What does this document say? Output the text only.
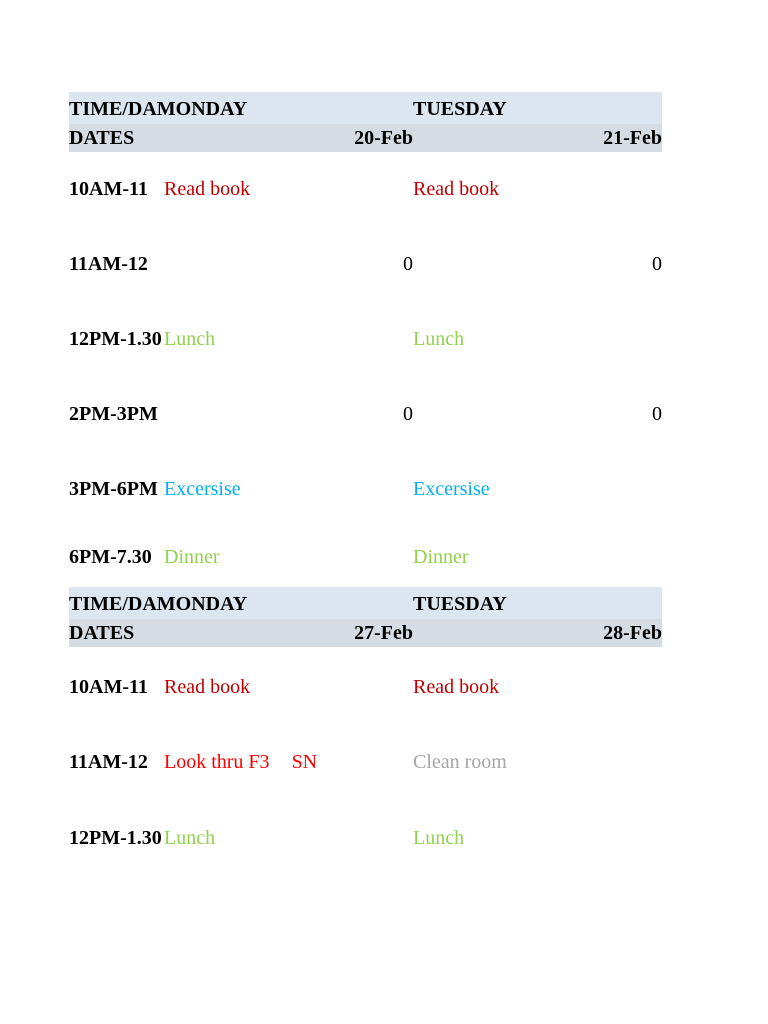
TIME/DAMONDAY	TUESDAY
DATES	20-Feb	21-Feb
10AM-11 Read book	Read book
11AM-12	0	0
12PM-1.30 Lunch	Lunch
2PM-3PM	0	0
3PM-6PM Excersise	Excersise
6PM-7.30 Dinner	Dinner
TIME/DAMONDAY	TUESDAY
DATES	27-Feb	28-Feb
10AM-11 Read book	Read book
11AM-12 Look thru F3 SN	Clean room
12PM-1.30 Lunch	Lunch
